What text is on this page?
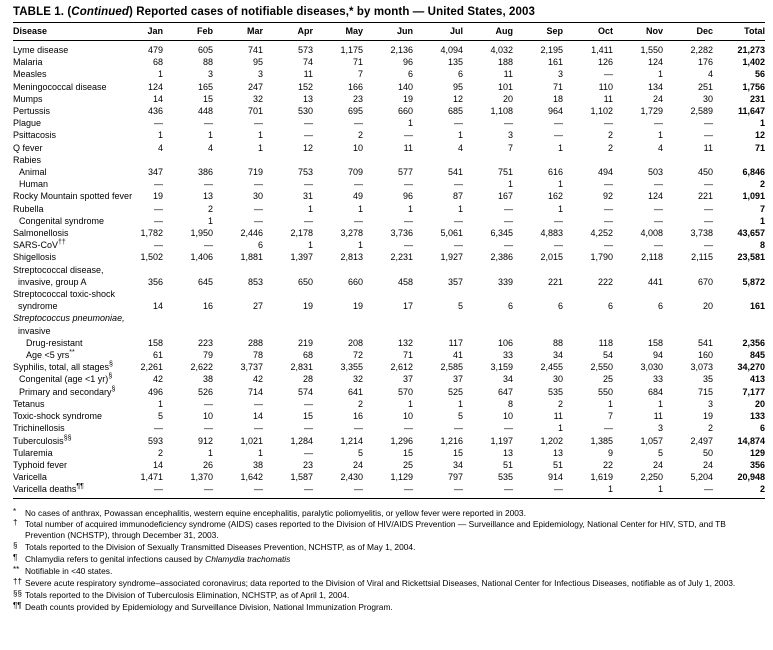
TABLE 1. (Continued) Reported cases of notifiable diseases,* by month — United States, 2003
Disease	Jan	Feb	Mar	Apr	May	Jun	Jul	Aug	Sep	Oct	Nov	Dec	Total
Lyme disease	479	605	741	573	1,175	2,136	4,094	4,032	2,195	1,411	1,550	2,282	21,273
Malaria	68	88	95	74	71	96	135	188	161	126	124	176	1,402
Measles	1	3	3	11	7	6	6	11	3	—	1	4	56
Meningococcal disease	124	165	247	152	166	140	95	101	71	110	134	251	1,756
Mumps	14	15	32	13	23	19	12	20	18	11	24	30	231
Pertussis	436	448	701	530	695	660	685	1,108	964	1,102	1,729	2,589	11,647
Plague	—	—	—	—	—	1	—	—	—	—	—	—	1
Psittacosis	1	1	1	—	2	—	1	3	—	2	1	—	12
Q fever	4	4	1	12	10	11	4	7	1	2	4	11	71
Rabies													
Animal	347	386	719	753	709	577	541	751	616	494	503	450	6,846
Human	—	—	—	—	—	—	—	1	1	—	—	—	2
Rocky Mountain spotted fever	19	13	30	31	49	96	87	167	162	92	124	221	1,091
Rubella	—	2	—	1	1	1	1	—	1	—	—	—	7
Congenital syndrome	—	1	—	—	—	—	—	—	—	—	—	—	1
Salmonellosis	1,782	1,950	2,446	2,178	3,278	3,736	5,061	6,345	4,883	4,252	4,008	3,738	43,657
SARS-CoV††	—	—	6	1	1	—	—	—	—	—	—	—	8
Shigellosis	1,502	1,406	1,881	1,397	2,813	2,231	1,927	2,386	2,015	1,790	2,118	2,115	23,581
Streptococcal disease,
invasive, group A	356	645	853	650	660	458	357	339	221	222	441	670	5,872
Streptococcal toxic-shock
syndrome	14	16	27	19	19	17	5	6	6	6	6	20	161
Streptococcus pneumoniae,
invasive													

Drug-resistant	158	223	288	219	208	132	117	106	88	118	158	541	2,356
Age <5 yrs**	61	79	78	68	72	71	41	33	34	54	94	160	845
Syphilis, total, all stages§	2,261	2,622	3,737	2,831	3,355	2,612	2,585	3,159	2,455	2,550	3,030	3,073	34,270
Congenital (age <1 yr)§	42	38	42	28	32	37	37	34	30	25	33	35	413
Primary and secondary§	496	526	714	574	641	570	525	647	535	550	684	715	7,177
Tetanus	1	—	—	—	2	1	1	8	2	1	1	3	20
Toxic-shock syndrome	5	10	14	15	16	10	5	10	11	7	11	19	133
Trichinellosis	—	—	—	—	—	—	—	—	1	—	3	2	6
Tuberculosis§§	593	912	1,021	1,284	1,214	1,296	1,216	1,197	1,202	1,385	1,057	2,497	14,874
Tularemia	2	1	1	—	5	15	15	13	13	9	5	50	129
Typhoid fever	14	26	38	23	24	25	34	51	51	22	24	24	356
Varicella	1,471	1,370	1,642	1,587	2,430	1,129	797	535	914	1,619	2,250	5,204	20,948
Varicella deaths¶¶	—	—	—	—	—	—	—	—	—	1	1	—	2
* No cases of anthrax, Powassan encephalitis, western equine encephalitis, paralytic poliomyelitis, or yellow fever were reported in 2003.
† Total number of acquired immunodeficiency syndrome (AIDS) cases reported to the Division of HIV/AIDS Prevention — Surveillance and Epidemiology, National Center for HIV, STD, and TB Prevention (NCHSTP), through December 31, 2003.
§ Totals reported to the Division of Sexually Transmitted Diseases Prevention, NCHSTP, as of May 1, 2004.
¶ Chlamydia refers to genital infections caused by Chlamydia trachomatis
** Notifiable in <40 states.
†† Severe acute respiratory syndrome–associated coronavirus; data reported to the Division of Viral and Rickettsial Diseases, National Center for Infectious Diseases, notifiable as of July 1, 2003.
§§ Totals reported to the Division of Tuberculosis Elimination, NCHSTP, as of April 1, 2004.
¶¶ Death counts provided by Epidemiology and Surveillance Division, National Immunization Program.
